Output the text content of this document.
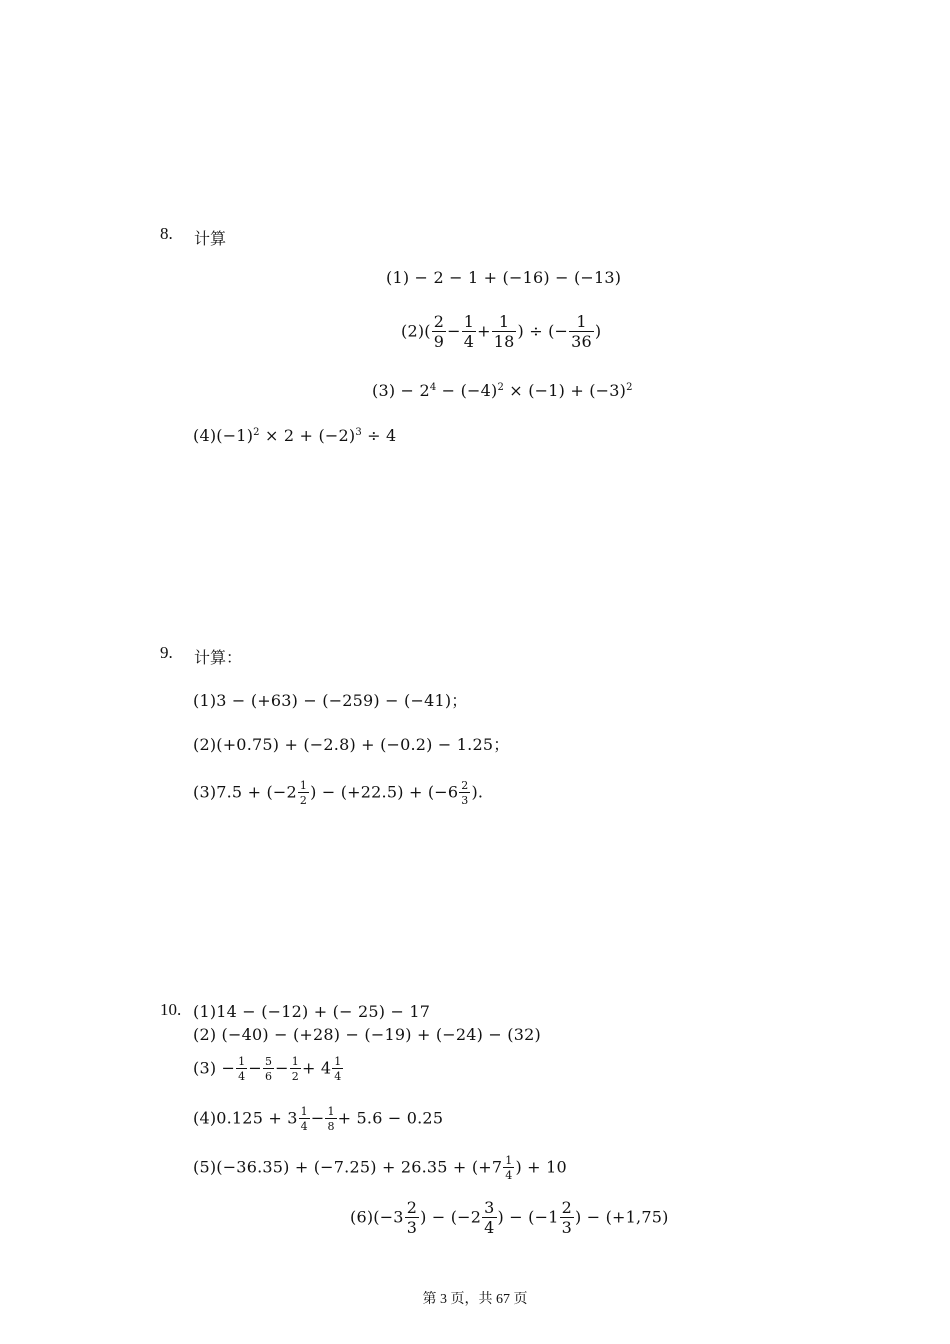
8. 计算
(1) − 2 − 1 + (−16) − (−13)
$(2)( \frac{2}{9} - \frac{1}{4} + \frac{1}{18}$ ) ÷ (− $\frac{1}{36}$ )
$(3) - 2^4 - (-4)^2 \times (-1) + (-3)^2$
$(4)(-1)^2 \times 2 + (-2)^3 \div 4$
9. 计算：
(1)3 − (+63) − (−259) − (−41)；
(2)(+0.75) + (−2.8) + (−0.2) − 1.25；
$(3)7.5 + (-2 \frac{1}{2}$ ) − $(+22.5) + (-6 \frac{2}{3}$ ).
10. (1)14 − (−12) + (− 25) − 17
(2) (−40) − (+28) − (−19) + (−24) − (32)
$(3) - \frac{1}{4} - \frac{5}{6} - \frac{1}{2} + 4 \frac{1}{4}$
$(4)0.125 + 3 \frac{1}{4} - \frac{1}{8} + 5.6 - 0.25$
$(5)(-36.35) + (-7.25) + 26.35 + (+7 \frac{1}{4}$ ) + 10
$(6)(-3 \frac{2}{3}$ ) − ($-2 \frac{3}{4}$ ) − ($-1 \frac{2}{3}$ ) − (+1,75)
第 3 页，共 67 页
